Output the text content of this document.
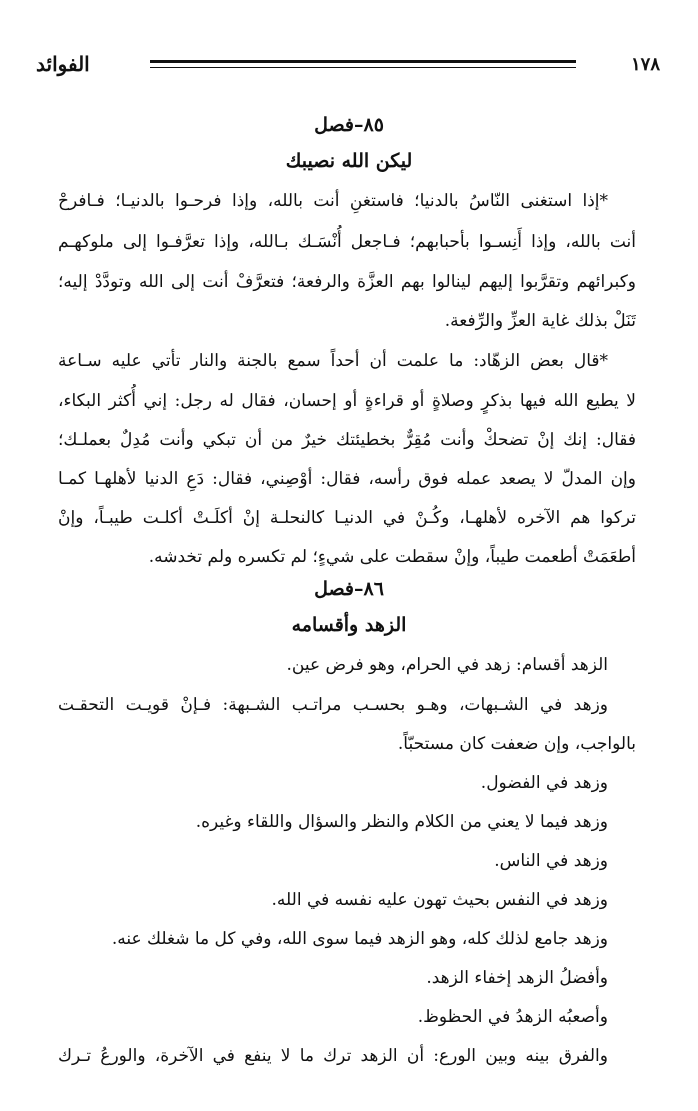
١٧٨
الفوائد
٨٥–فصل
ليكن الله نصيبك
*إذا استغنى النّاسُ بالدنيا؛ فاستغنِ أنت بالله، وإذا فرحـوا بالدنيـا؛ فـافرحْ
أنت بالله، وإذا أَنِسـوا بأحبابهم؛ فـاجعل أُنْسَـك بـالله، وإذا تعرَّفـوا إلى ملوكهـم
وكبرائهم وتقرَّبوا إليهم لينالوا بهم العزَّة والرفعة؛ فتعرَّفْ أنت إلى الله وتودَّدْ إليه؛
تَنَلْ بذلك غاية العزِّ والرِّفعة.
*قال بعض الزهّاد: ما علمت أن أحداً سمع بالجنة والنار تأتي عليه سـاعة
لا يطيع الله فيها بذكرٍ وصلاةٍ أو قراءةٍ أو إحسان، فقال له رجل: إني أُكثر البكاء،
فقال: إنك إنْ تضحكْ وأنت مُقِرٌّ بخطيئتك خيرٌ من أن تبكي وأنت مُدِلٌ بعملـك؛
وإن المدلّ لا يصعد عمله فوق رأسه، فقال: أوْصِني، فقال: دَعِ الدنيا لأهلهـا كمـا
تركوا هم الآخره لأهلهـا، وكُـنْ في الدنيـا كالنحلـة إنْ أكلَـتْ أكلـت طيبـاً، وإنْ
أطعَمَتْ أطعمت طيباً، وإنْ سقطت على شيءٍ؛ لم تكسره ولم تخدشه.
٨٦–فصل
الزهد وأقسامه
الزهد أقسام: زهد في الحرام، وهو فرض عين.
وزهد في الشـبهات، وهـو بحسـب مراتـب الشـبهة: فـإنْ قويـت التحقـت
بالواجب، وإن ضعفت كان مستحبّاً.
وزهد في الفضول.
وزهد فيما لا يعني من الكلام والنظر والسؤال واللقاء وغيره.
وزهد في الناس.
وزهد في النفس بحيث تهون عليه نفسه في الله.
وزهد جامع لذلك كله، وهو الزهد فيما سوى الله، وفي كل ما شغلك عنه.
وأفضلُ الزهد إخفاء الزهد.
وأصعبُه الزهدُ في الحظوظ.
والفرق بينه وبين الورع: أن الزهد ترك ما لا ينفع في الآخرة، والورعُ تـرك
